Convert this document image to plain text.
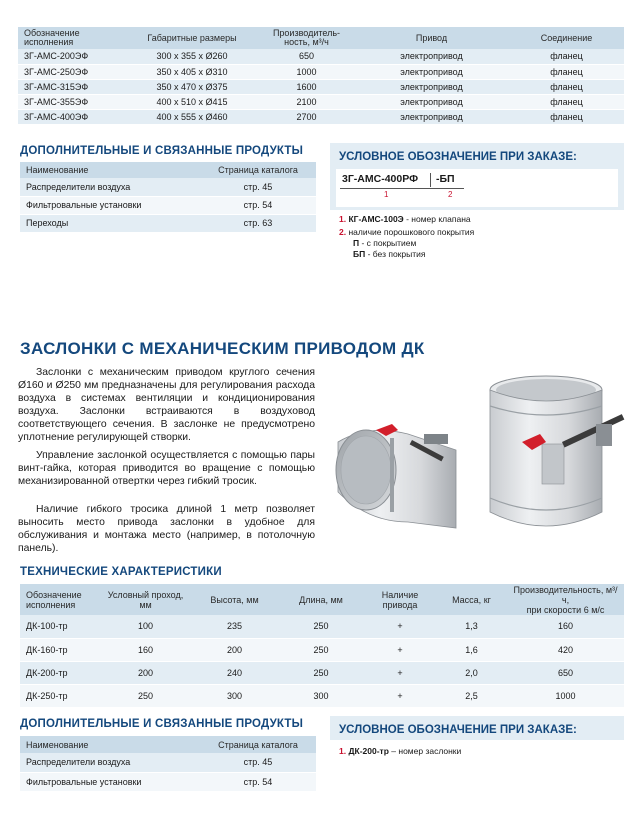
Обозначение
исполнения	Габаритные размеры	Производитель-
ность, м³/ч	Привод	Соединение
3Г-АМС-200ЭФ	300 х 355 х Ø260	650	электропривод	фланец
3Г-АМС-250ЭФ	350 х 405 х Ø310	1000	электропривод	фланец
3Г-АМС-315ЭФ	350 х 470 х Ø375	1600	электропривод	фланец
3Г-АМС-355ЭФ	400 х 510 х Ø415	2100	электропривод	фланец
3Г-АМС-400ЭФ	400 х 555 х Ø460	2700	электропривод	фланец
ДОПОЛНИТЕЛЬНЫЕ И СВЯЗАННЫЕ ПРОДУКТЫ
Наименование	Страница каталога
Распределители воздуха	стр. 45
Фильтровальные установки	стр. 54
Переходы	стр. 63
УСЛОВНОЕ ОБОЗНАЧЕНИЕ ПРИ ЗАКАЗЕ:
3Г-АМС-400РФ -БП
1	2
1. КГ-АМС-100Э - номер клапана
2. наличие порошкового покрытия
П - с покрытием
БП - без покрытия
ЗАСЛОНКИ С МЕХАНИЧЕСКИМ ПРИВОДОМ ДК

Заслонки с механическим приводом круглого сечения Ø160 и Ø250 мм предназначены для регулирования расхода воздуха в системах вентиляции и кондиционирования воздуха. Заслонки встраиваются в воздуховод соответствующего сечения. В заслонке не предусмотрено уплотнение регулирующей створки.

Управление заслонкой осуществляется с помощью пары винт-гайка, которая приводится во вращение с помощью механизированной отвертки через гибкий тросик.

Наличие гибкого тросика длиной 1 метр позволяет выносить место привода заслонки в удобное для обслуживания и монтажа место (например, в потолочную панель).

ТЕХНИЧЕСКИЕ ХАРАКТЕРИСТИКИ
Обозначение
исполнения	Условный проход,
мм	Высота, мм	Длина, мм	Наличие
привода	Масса, кг	Производительность, м³/ч,
при скорости 6 м/с
ДК-100-тр	100	235	250	+	1,3	160
ДК-160-тр	160	200	250	+	1,6	420
ДК-200-тр	200	240	250	+	2,0	650
ДК-250-тр	250	300	300	+	2,5	1000
ДОПОЛНИТЕЛЬНЫЕ И СВЯЗАННЫЕ ПРОДУКТЫ
Наименование	Страница каталога
Распределители воздуха	стр. 45
Фильтровальные установки	стр. 54
УСЛОВНОЕ ОБОЗНАЧЕНИЕ ПРИ ЗАКАЗЕ:
1. ДК-200-тр – номер заслонки
